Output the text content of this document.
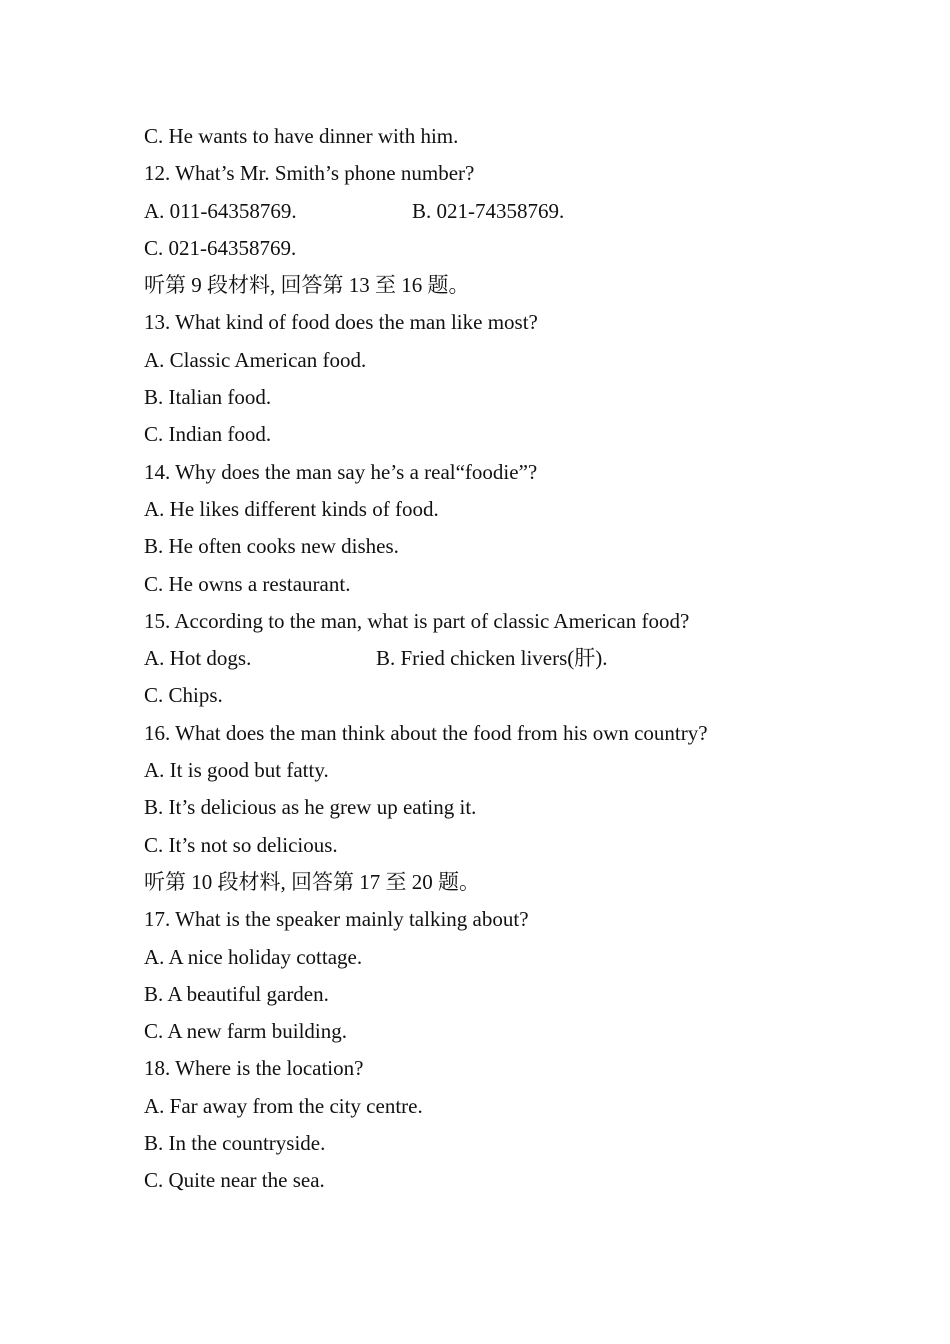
C. He wants to have dinner with him.
12. What’s Mr. Smith’s phone number?
A. 011-64358769.	B. 021-74358769.
C. 021-64358769.
听第 9 段材料, 回答第 13 至 16 题。
13. What kind of food does the man like most?
A. Classic American food.
B. Italian food.
C. Indian food.
14. Why does the man say he’s a real“foodie”?
A. He likes different kinds of food.
B. He often cooks new dishes.
C. He owns a restaurant.
15. According to the man, what is part of classic American food?
A. Hot dogs.	B. Fried chicken livers(肝).
C. Chips.
16. What does the man think about the food from his own country?
A. It is good but fatty.
B. It’s delicious as he grew up eating it.
C. It’s not so delicious.
听第 10 段材料, 回答第 17 至 20 题。
17. What is the speaker mainly talking about?
A. A nice holiday cottage.
B. A beautiful garden.
C. A new farm building.
18. Where is the location?
A. Far away from the city centre.
B. In the countryside.
C. Quite near the sea.
